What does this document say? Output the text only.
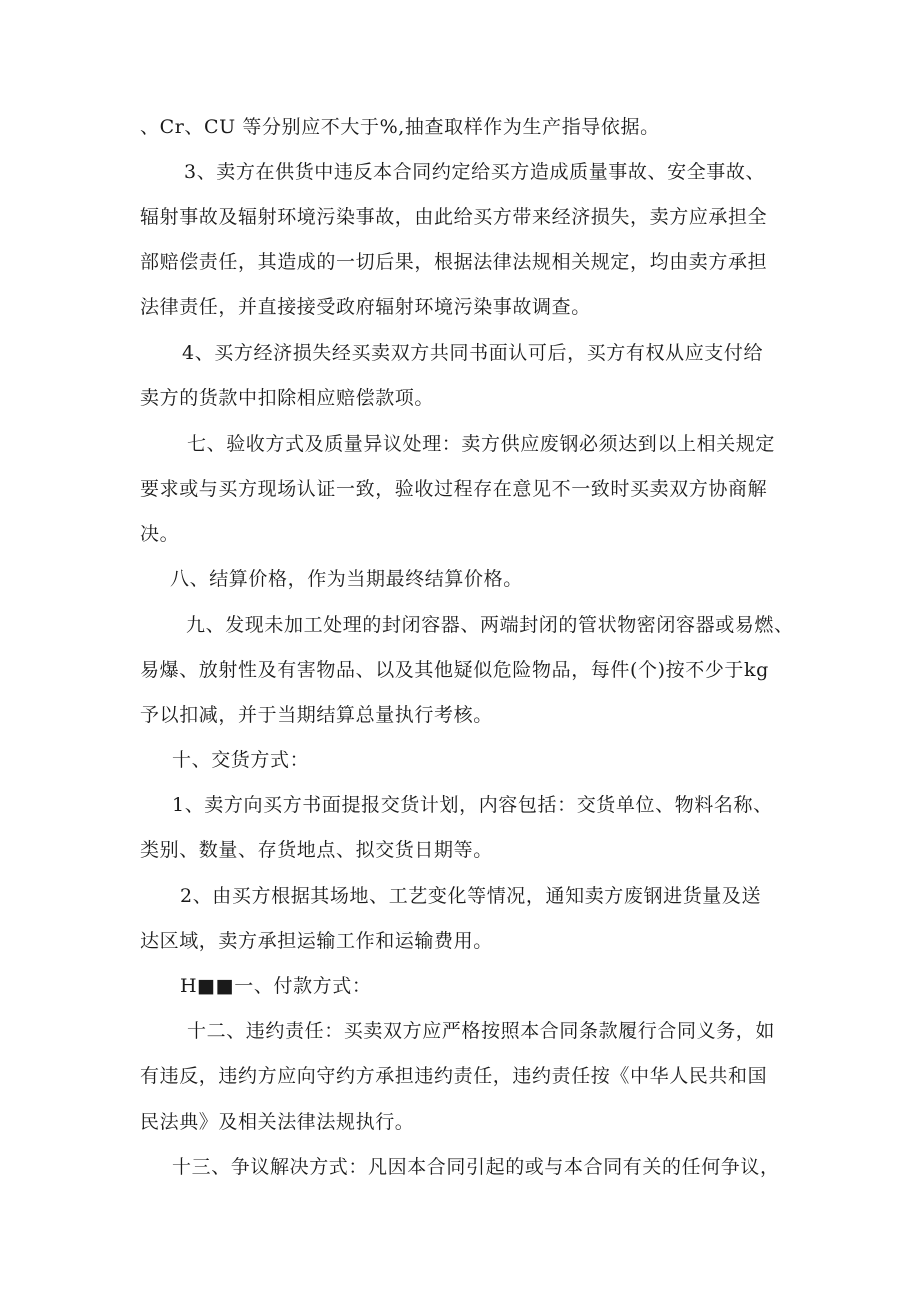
、Cr、CU 等分别应不大于%,抽查取样作为生产指导依据。
3、卖方在供货中违反本合同约定给买方造成质量事故、安全事故、
辐射事故及辐射环境污染事故，由此给买方带来经济损失，卖方应承担全
部赔偿责任，其造成的一切后果，根据法律法规相关规定，均由卖方承担
法律责任，并直接接受政府辐射环境污染事故调查。
4、买方经济损失经买卖双方共同书面认可后，买方有权从应支付给
卖方的货款中扣除相应赔偿款项。
七、验收方式及质量异议处理：卖方供应废钢必须达到以上相关规定
要求或与买方现场认证一致，验收过程存在意见不一致时买卖双方协商解
决。
八、结算价格，作为当期最终结算价格。
九、发现未加工处理的封闭容器、两端封闭的管状物密闭容器或易燃、
易爆、放射性及有害物品、以及其他疑似危险物品，每件(个)按不少于kg
予以扣减，并于当期结算总量执行考核。
十、交货方式：
1、卖方向买方书面提报交货计划，内容包括：交货单位、物料名称、
类别、数量、存货地点、拟交货日期等。
2、由买方根据其场地、工艺变化等情况，通知卖方废钢进货量及送
达区域，卖方承担运输工作和运输费用。
H■■一、付款方式：
十二、违约责任：买卖双方应严格按照本合同条款履行合同义务，如
有违反，违约方应向守约方承担违约责任，违约责任按《中华人民共和国
民法典》及相关法律法规执行。
十三、争议解决方式：凡因本合同引起的或与本合同有关的任何争议，
